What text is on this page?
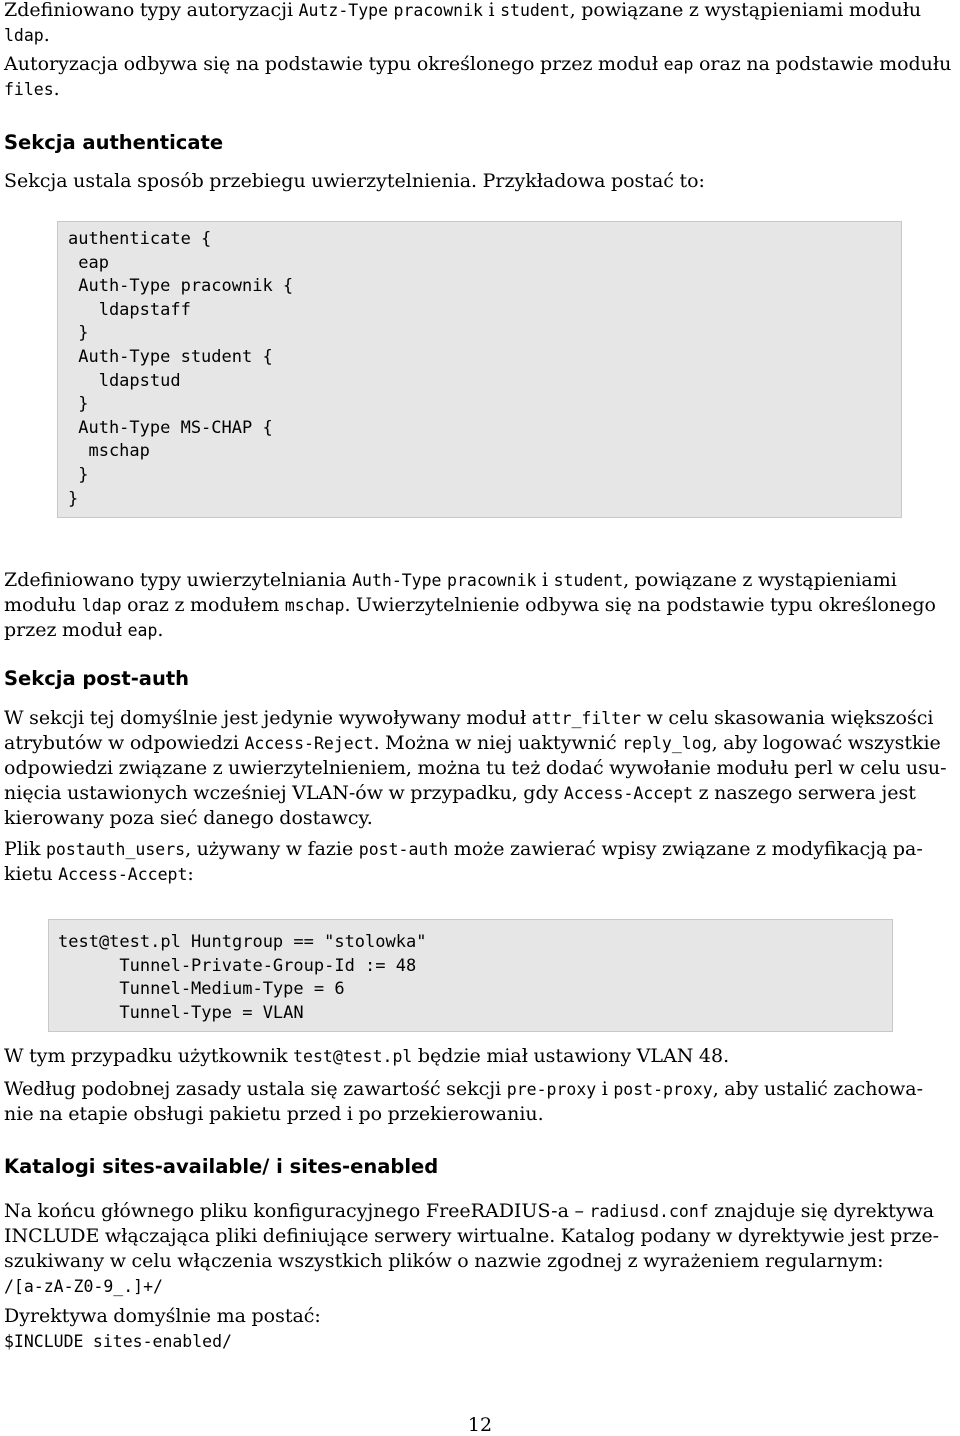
Zdefiniowano typy autoryzacji Autz-Type pracownik i student, powiązane z wystąpieniami modułu
ldap.

Autoryzacja odbywa się na podstawie typu określonego przez moduł eap oraz na podstawie modułu
files.

Sekcja authenticate

Sekcja ustala sposób przebiegu uwierzytelnienia. Przykładowa postać to:

authenticate {
eap
Auth-Type pracownik {
ldapstaff
}
Auth-Type student {
ldapstud
}
Auth-Type MS-CHAP {
mschap
}
}

Zdefiniowano typy uwierzytelniania Auth-Type pracownik i student, powiązane z wystąpieniami
modułu ldap oraz z modułem mschap. Uwierzytelnienie odbywa się na podstawie typu określonego
przez moduł eap.

Sekcja post-auth

W sekcji tej domyślnie jest jedynie wywoływany moduł attr_filter w celu skasowania większości
atrybutów w odpowiedzi Access-Reject. Można w niej uaktywnić reply_log, aby logować wszystkie
odpowiedzi związane z uwierzytelnieniem, można tu też dodać wywołanie modułu perl w celu usu-
nięcia ustawionych wcześniej VLAN-ów w przypadku, gdy Access-Accept z naszego serwera jest
kierowany poza sieć danego dostawcy.

Plik postauth_users, używany w fazie post-auth może zawierać wpisy związane z modyfikacją pa-
kietu Access-Accept:

test@test.pl Huntgroup == "stolowka"
Tunnel-Private-Group-Id := 48
Tunnel-Medium-Type = 6
Tunnel-Type = VLAN

W tym przypadku użytkownik test@test.pl będzie miał ustawiony VLAN 48.

Według podobnej zasady ustala się zawartość sekcji pre-proxy i post-proxy, aby ustalić zachowa-
nie na etapie obsługi pakietu przed i po przekierowaniu.

Katalogi sites-available/ i sites-enabled

Na końcu głównego pliku konfiguracyjnego FreeRADIUS-a – radiusd.conf znajduje się dyrektywa
INCLUDE włączająca pliki definiujące serwery wirtualne. Katalog podany w dyrektywie jest prze-
szukiwany w celu włączenia wszystkich plików o nazwie zgodnej z wyrażeniem regularnym:
/[a-zA-Z0-9_.]+/

Dyrektywa domyślnie ma postać:
$INCLUDE sites-enabled/

12
